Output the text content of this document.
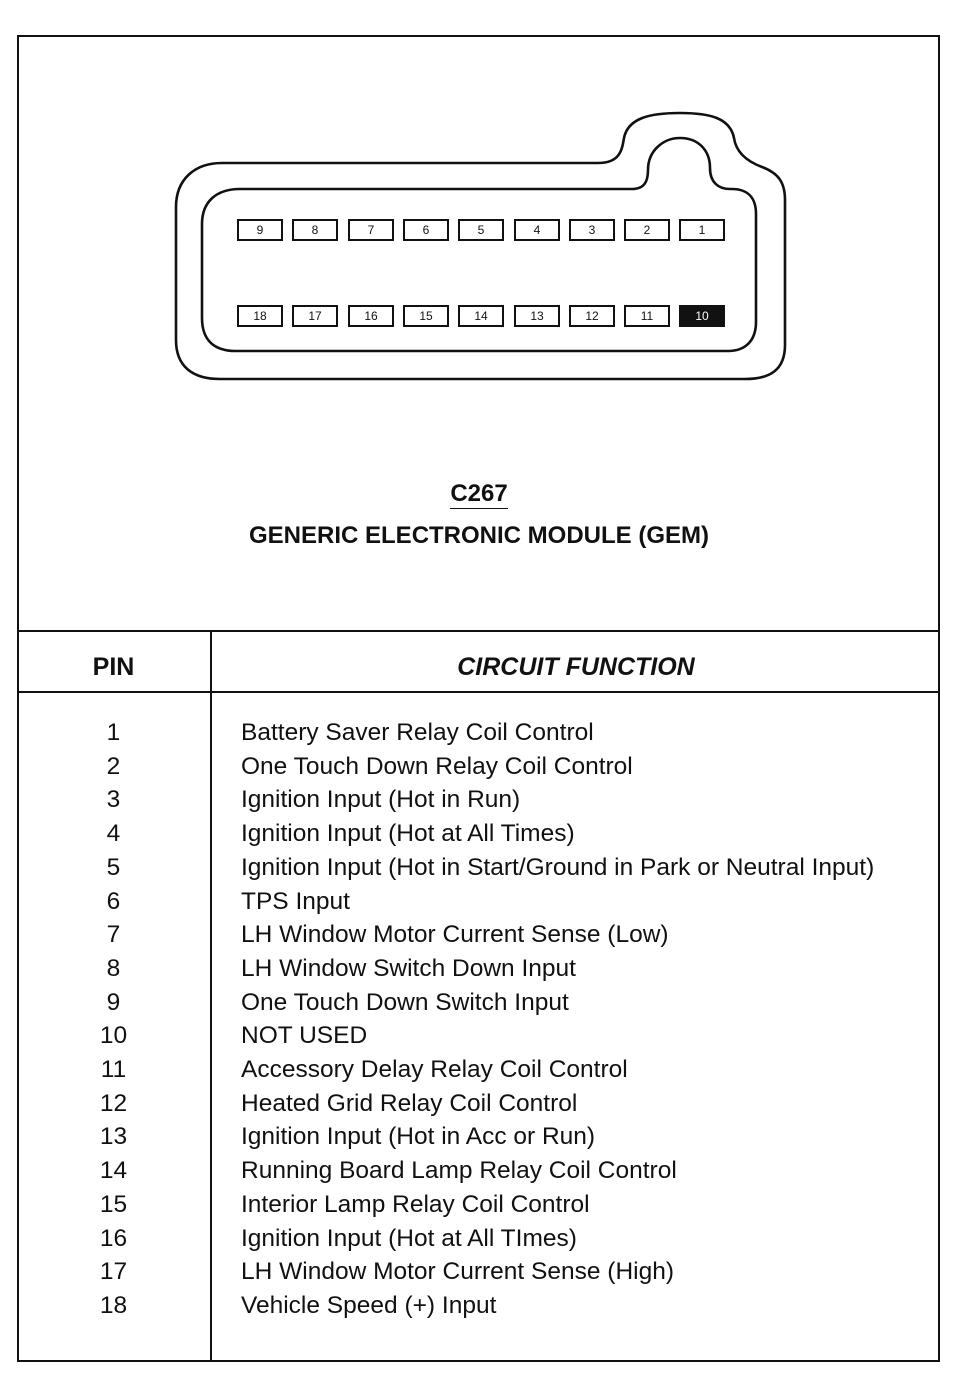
9	8	7	6	5	4	3	2	1
18	17	16	15	14	13	12	11	10
C267
GENERIC ELECTRONIC MODULE (GEM)
PIN	CIRCUIT FUNCTION
1	Battery Saver Relay Coil Control
2	One Touch Down Relay Coil Control
3	Ignition Input (Hot in Run)
4	Ignition Input (Hot at All Times)
5	Ignition Input (Hot in Start/Ground in Park or Neutral Input)
6	TPS Input
7	LH Window Motor Current Sense (Low)
8	LH Window Switch Down Input
9	One Touch Down Switch Input
10	NOT USED
11	Accessory Delay Relay Coil Control
12	Heated Grid Relay Coil Control
13	Ignition Input (Hot in Acc or Run)
14	Running Board Lamp Relay Coil Control
15	Interior Lamp Relay Coil Control
16	Ignition Input (Hot at All TImes)
17	LH Window Motor Current Sense (High)
18	Vehicle Speed (+) Input
